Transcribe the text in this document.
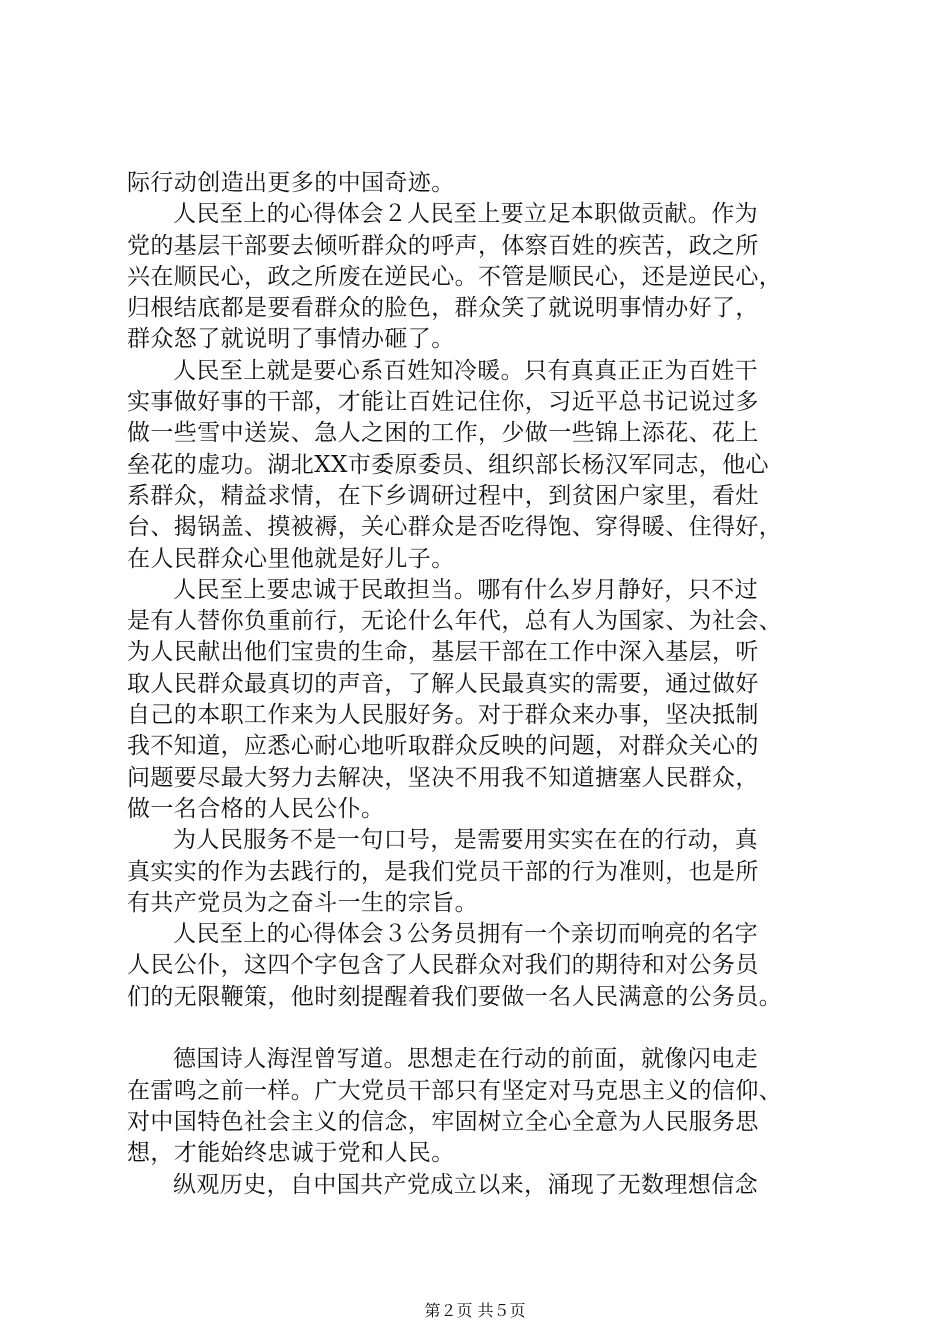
际行动创造出更多的中国奇迹。
人民至上的心得体会２人民至上要立足本职做贡献。作为
党的基层干部要去倾听群众的呼声，体察百姓的疾苦，政之所
兴在顺民心，政之所废在逆民心。不管是顺民心，还是逆民心，
归根结底都是要看群众的脸色，群众笑了就说明事情办好了，
群众怒了就说明了事情办砸了。
人民至上就是要心系百姓知冷暖。只有真真正正为百姓干
实事做好事的干部，才能让百姓记住你，习近平总书记说过多
做一些雪中送炭、急人之困的工作，少做一些锦上添花、花上
垒花的虚功。湖北XX市委原委员、组织部长杨汉军同志，他心
系群众，精益求情，在下乡调研过程中，到贫困户家里，看灶
台、揭锅盖、摸被褥，关心群众是否吃得饱、穿得暖、住得好，
在人民群众心里他就是好儿子。
人民至上要忠诚于民敢担当。哪有什么岁月静好，只不过
是有人替你负重前行，无论什么年代，总有人为国家、为社会、
为人民献出他们宝贵的生命，基层干部在工作中深入基层，听
取人民群众最真切的声音，了解人民最真实的需要，通过做好
自己的本职工作来为人民服好务。对于群众来办事，坚决抵制
我不知道，应悉心耐心地听取群众反映的问题，对群众关心的
问题要尽最大努力去解决，坚决不用我不知道搪塞人民群众，
做一名合格的人民公仆。
为人民服务不是一句口号，是需要用实实在在的行动，真
真实实的作为去践行的，是我们党员干部的行为准则，也是所
有共产党员为之奋斗一生的宗旨。
人民至上的心得体会３公务员拥有一个亲切而响亮的名字
人民公仆，这四个字包含了人民群众对我们的期待和对公务员
们的无限鞭策，他时刻提醒着我们要做一名人民满意的公务员。
德国诗人海涅曾写道。思想走在行动的前面，就像闪电走
在雷鸣之前一样。广大党员干部只有坚定对马克思主义的信仰、
对中国特色社会主义的信念，牢固树立全心全意为人民服务思
想，才能始终忠诚于党和人民。
纵观历史，自中国共产党成立以来，涌现了无数理想信念
第２页 共５页
